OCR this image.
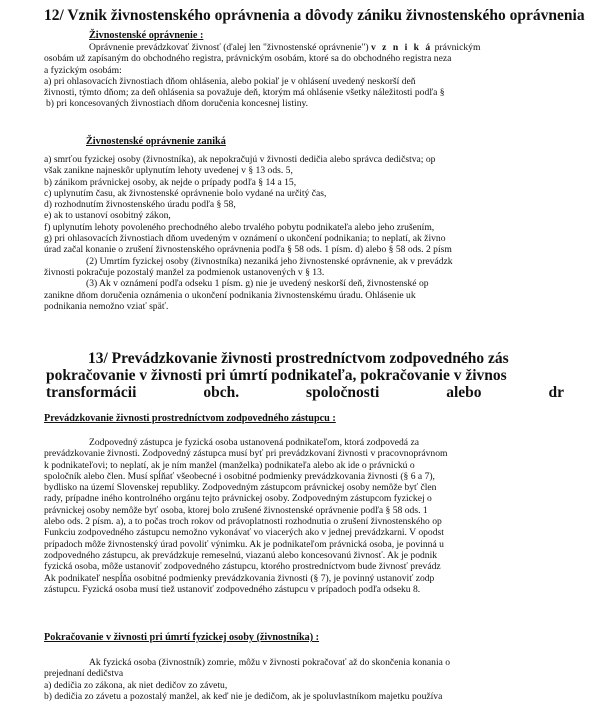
12/ Vznik živnostenského oprávnenia a dôvody zániku živnostenského oprávnenia
Živnostenské oprávnenie :
Oprávnenie prevádzkovať živnosť (ďalej len "živnostenské oprávnenie") v z n i k á právnickým
osobám už zapísaným do obchodného registra, právnickým osobám, ktoré sa do obchodného registra neza
a fyzickým osobám:
a) pri ohlasovacích živnostiach dňom ohlásenia, alebo pokiaľ je v ohlásení uvedený neskorší deň
živnosti, týmto dňom; za deň ohlásenia sa považuje deň, ktorým má ohlásenie všetky náležitosti podľa §
b) pri koncesovaných živnostiach dňom doručenia koncesnej listiny.
Živnostenské oprávnenie zaniká
a) smrťou fyzickej osoby (živnostníka), ak nepokračujú v živnosti dedičia alebo správca dedičstva; op
však zanikne najneskôr uplynutím lehoty uvedenej v § 13 ods. 5,
b) zánikom právnickej osoby, ak nejde o prípady podľa § 14 a 15,
c) uplynutím času, ak živnostenské oprávnenie bolo vydané na určitý čas,
d) rozhodnutím živnostenského úradu podľa § 58,
e) ak to ustanoví osobitný zákon,
f) uplynutím lehoty povoleného prechodného alebo trvalého pobytu podnikateľa alebo jeho zrušením,
g) pri ohlasovacích živnostiach dňom uvedeným v oznámení o ukončení podnikania; to neplatí, ak živno
úrad začal konanie o zrušení živnostenského oprávnenia podľa § 58 ods. 1 písm. d) alebo § 58 ods. 2 písm
(2) Umrtím fyzickej osoby (živnostníka) nezaniká jeho živnostenské oprávnenie, ak v prevádzk
živnosti pokračuje pozostalý manžel za podmienok ustanovených v § 13.
(3) Ak v oznámení podľa odseku 1 písm. g) nie je uvedený neskorší deň, živnostenské op
zanikne dňom doručenia oznámenia o ukončení podnikania živnostenskému úradu. Ohlásenie uk
podnikania nemožno vziať späť.
13/ Prevádzkovanie živnosti prostredníctvom zodpovedného zás
pokračovanie v živnosti pri úmrtí podnikateľa, pokračovanie v živnos
transformácii	obch.	spoločnosti	alebo	dr
Prevádzkovanie živnosti prostredníctvom zodpovedného zástupcu :
Zodpovedný zástupca je fyzická osoba ustanovená podnikateľom, ktorá zodpovedá za
prevádzkovanie živnosti. Zodpovedný zástupca musí byť pri prevádzkovaní živnosti v pracovnoprávnom
k podnikateľovi; to neplatí, ak je ním manžel (manželka) podnikateľa alebo ak ide o právnickú o
spoločník alebo člen. Musí spĺňať všeobecné i osobitné podmienky prevádzkovania živnosti (§ 6 a 7),
bydlisko na území Slovenskej republiky. Zodpovedným zástupcom právnickej osoby nemôže byť člen
rady, prípadne iného kontrolného orgánu tejto právnickej osoby. Zodpovedným zástupcom fyzickej o
právnickej osoby nemôže byť osoba, ktorej bolo zrušené živnostenské oprávnenie podľa § 58 ods. 1
alebo ods. 2 písm. a), a to počas troch rokov od právoplatnosti rozhodnutia o zrušení živnostenského op
Funkciu zodpovedného zástupcu nemožno vykonávať vo viacerých ako v jednej prevádzkarni. V opodst
prípadoch môže živnostenský úrad povoliť výnimku. Ak je podnikateľom právnická osoba, je povinná u
zodpovedného zástupcu, ak prevádzkuje remeselnú, viazanú alebo koncesovanú živnosť. Ak je podnik
fyzická osoba, môže ustanoviť zodpovedného zástupcu, ktorého prostredníctvom bude živnosť prevádz
Ak podnikateľ nespĺňa osobitné podmienky prevádzkovania živnosti (§ 7), je povinný ustanoviť zodp
zástupcu. Fyzická osoba musí tiež ustanoviť zodpovedného zástupcu v prípadoch podľa odseku 8.
Pokračovanie v živnosti pri úmrtí fyzickej osoby (živnostníka) :
Ak fyzická osoba (živnostník) zomrie, môžu v živnosti pokračovať až do skončenia konania o
prejednaní dedičstva
a) dedičia zo zákona, ak niet dedičov zo závetu,
b) dedičia zo závetu a pozostalý manžel, ak keď nie je dedičom, ak je spoluvlastníkom majetku používa
